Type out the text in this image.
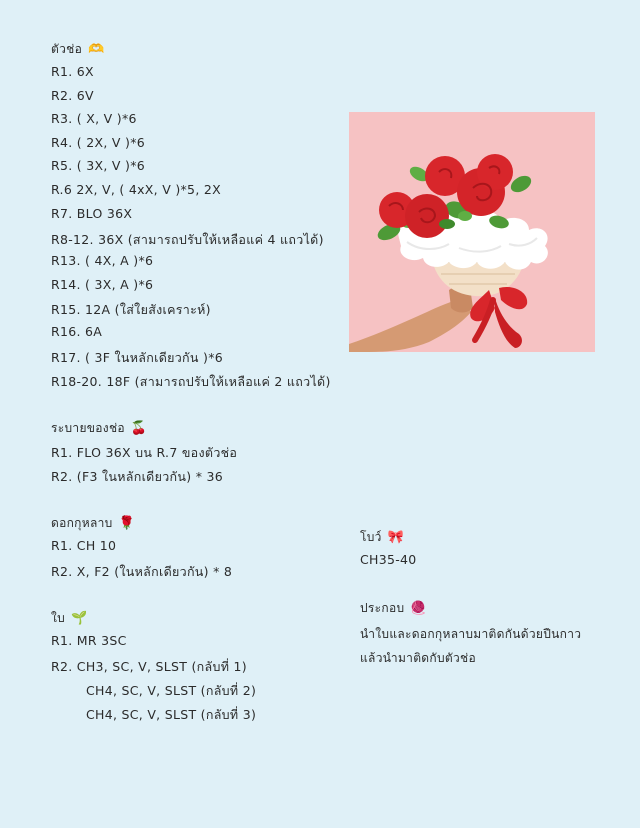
ตัวช่อ 🫶
R1. 6X
R2. 6V
R3. ( X, V )*6
R4. ( 2X, V )*6
R5. ( 3X, V )*6
R.6 2X, V, ( 4xX, V )*5, 2X
R7. BLO 36X
R8-12. 36X (สามารถปรับให้เหลือแค่ 4 แถวได้)
R13. ( 4X, A )*6
R14. ( 3X, A )*6
R15. 12A (ใส่ใยสังเคราะห์)
R16. 6A
R17. ( 3F ในหลักเดียวกัน )*6
R18-20. 18F (สามารถปรับให้เหลือแค่ 2 แถวได้)
ระบายของช่อ 🍒
R1. FLO 36X บน R.7 ของตัวช่อ
R2. (F3 ในหลักเดียวกัน) * 36
ดอกกุหลาบ 🌹
R1. CH 10
R2. X, F2 (ในหลักเดียวกัน) * 8
ใบ 🌱
R1. MR 3SC
R2. CH3, SC, V, SLST (กลับที่ 1)
CH4, SC, V, SLST (กลับที่ 2)
CH4, SC, V, SLST (กลับที่ 3)
โบว์ 🎀
CH35-40
ประกอบ 🧶
นำใบและดอกกุหลาบมาติดกันด้วยปืนกาว
แล้วนำมาติดกับตัวช่อ
